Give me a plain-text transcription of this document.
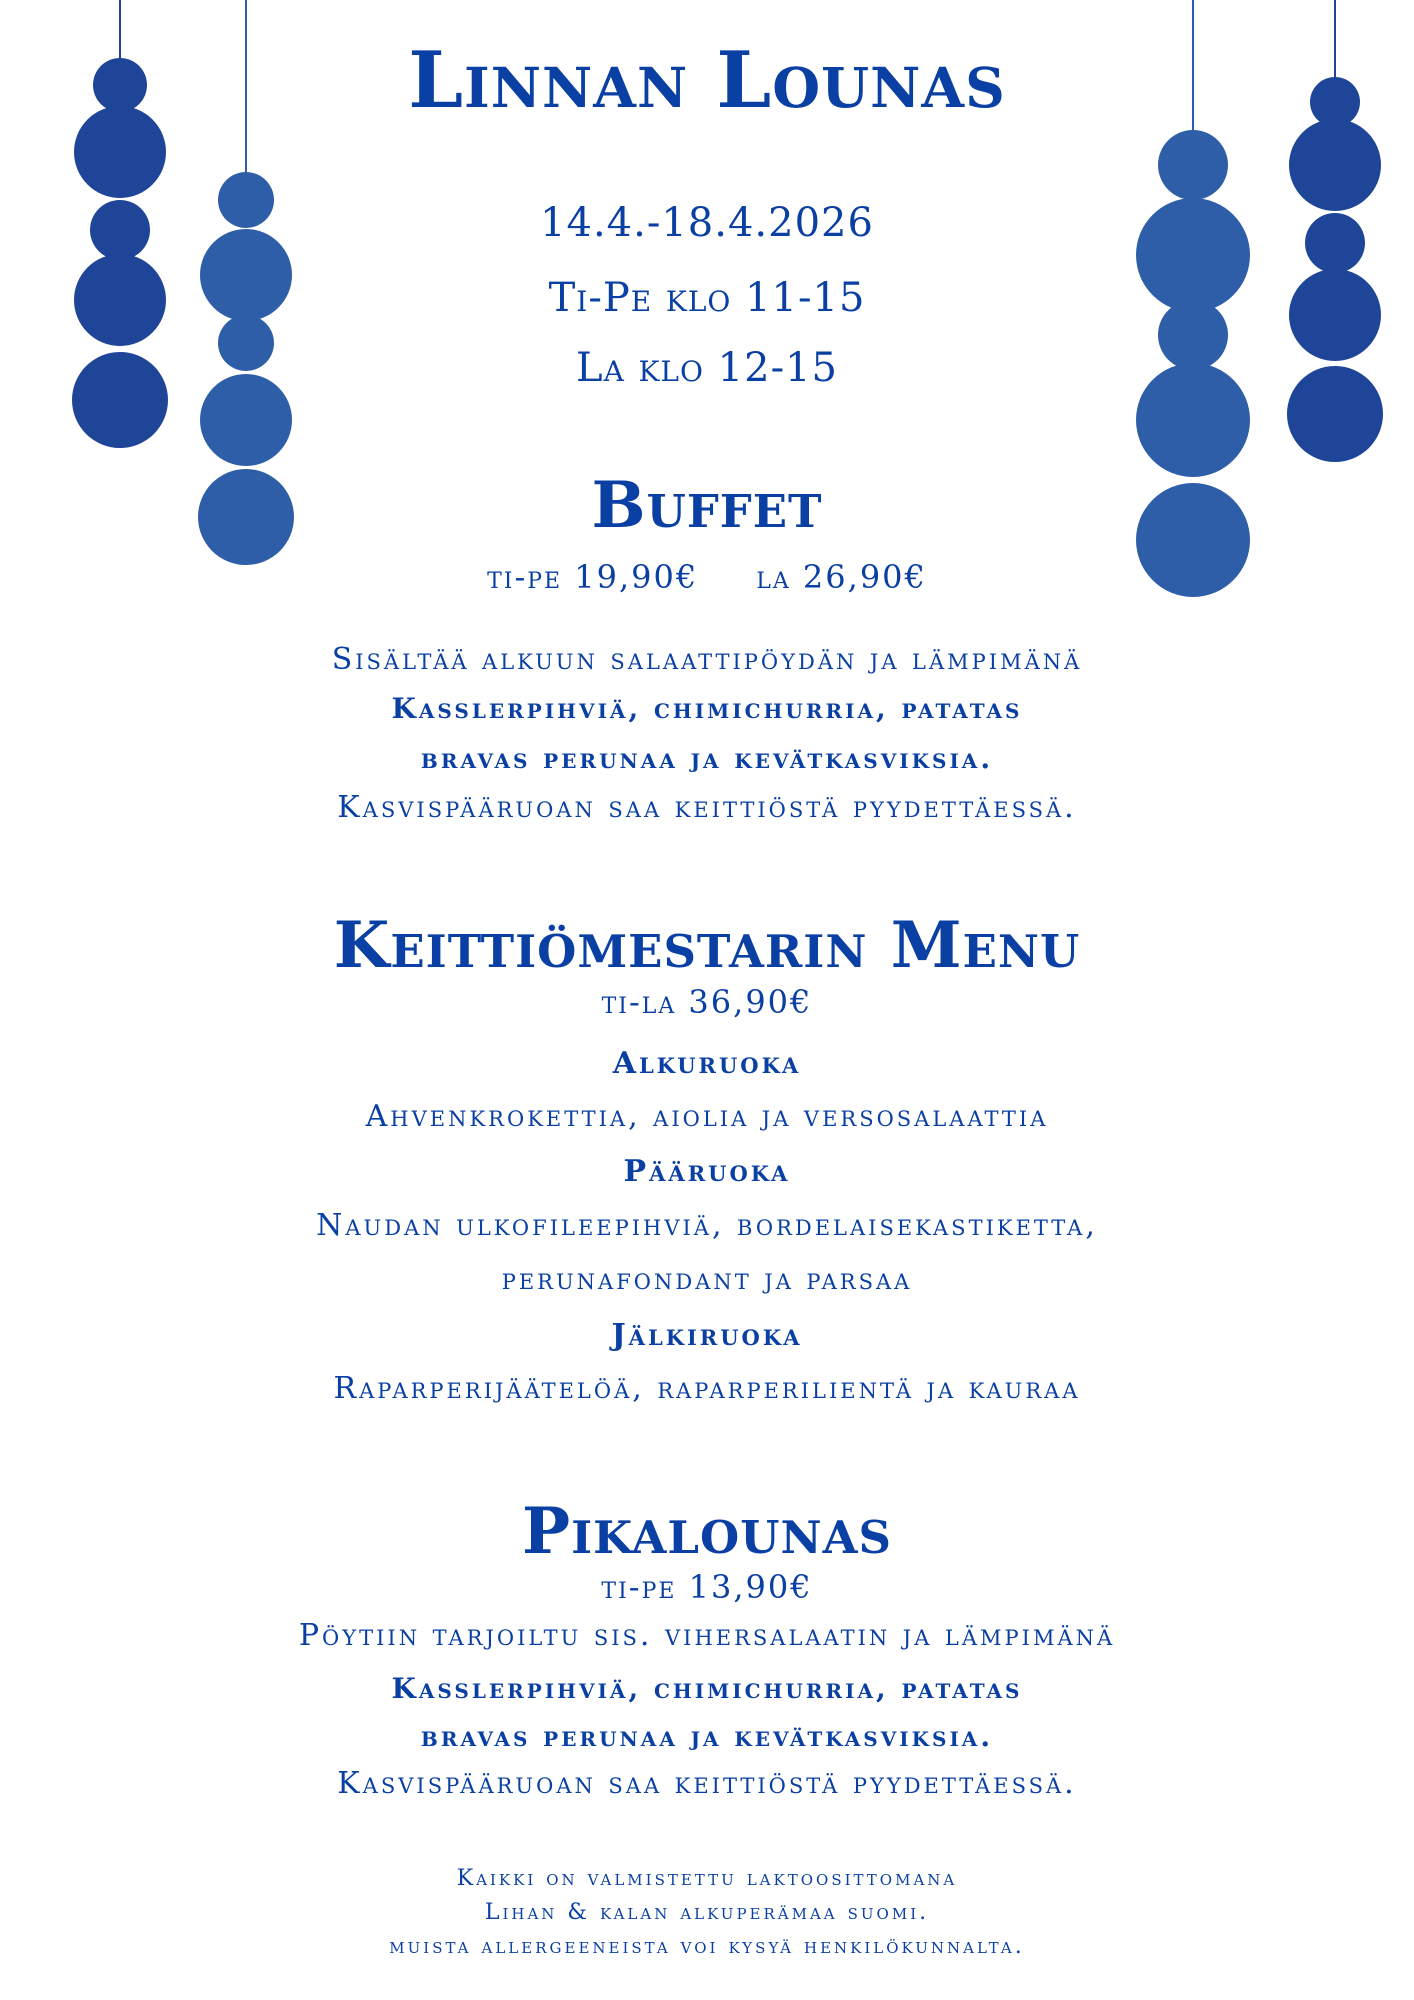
Linnan Lounas
14.4.-18.4.2026
Ti-Pe klo 11-15
La klo 12-15
Buffet
ti-pe 19,90€ la 26,90€
Sisältää alkuun salaattipöydän ja lämpimänä
Kasslerpihviä, chimichurria, patatas
bravas perunaa ja kevätkasviksia.
Kasvispääruoan saa keittiöstä pyydettäessä.
Keittiömestarin Menu
ti-la 36,90€
Alkuruoka
Ahvenkrokettia, aiolia ja versosalaattia
Pääruoka
Naudan ulkofileepihviä, bordelaisekastiketta,
perunafondant ja parsaa
Jälkiruoka
Raparperijäätelöä, raparperilientä ja kauraa
Pikalounas
ti-pe 13,90€
Pöytiin tarjoiltu sis. vihersalaatin ja lämpimänä
Kasslerpihviä, chimichurria, patatas
bravas perunaa ja kevätkasviksia.
Kasvispääruoan saa keittiöstä pyydettäessä.
Kaikki on valmistettu laktoosittomana
Lihan & kalan alkuperämaa suomi.
muista allergeeneista voi kysyä henkilökunnalta.
